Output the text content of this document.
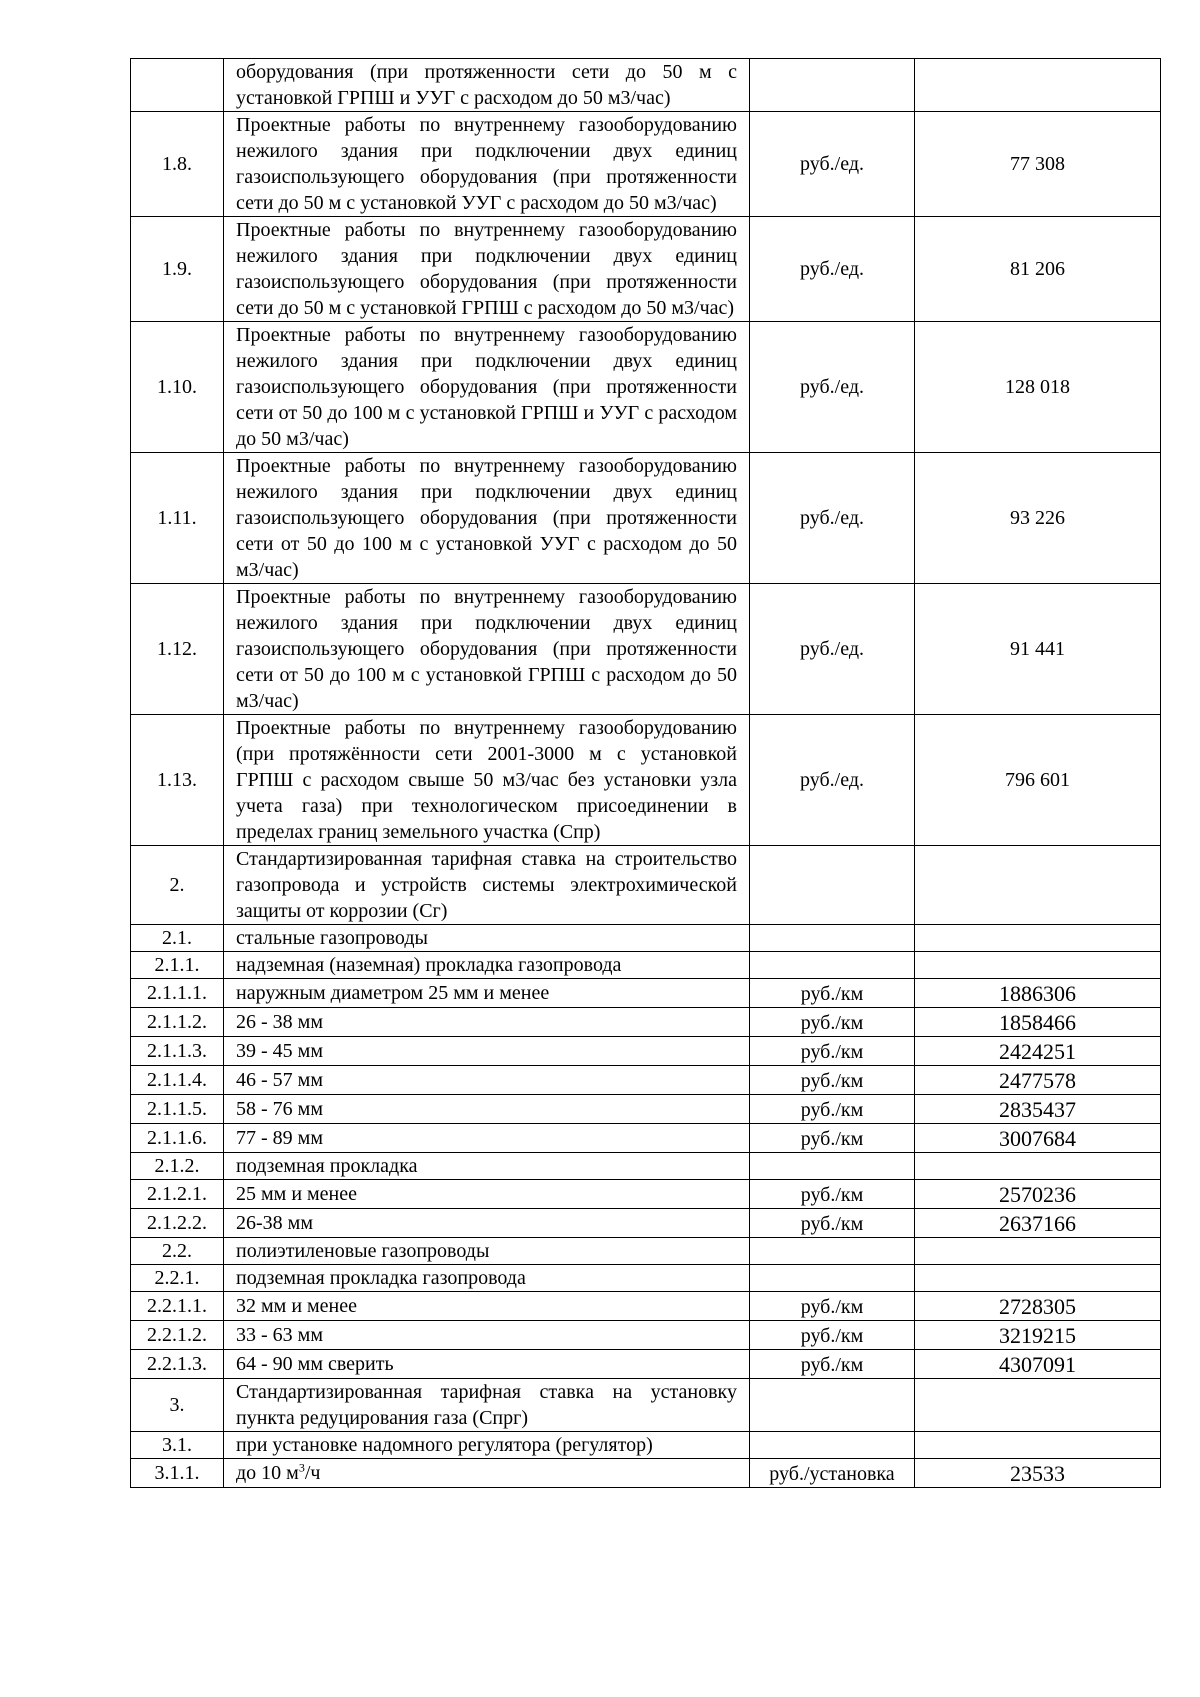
	оборудования (при протяженности сети до 50 м с установкой ГРПШ и УУГ с расходом до 50 м3/час)		
1.8.	Проектные работы по внутреннему газооборудованию нежилого здания при подключении двух единиц газоиспользующего оборудования (при протяженности сети до 50 м с установкой УУГ с расходом до 50 м3/час)	руб./ед.	77 308
1.9.	Проектные работы по внутреннему газооборудованию нежилого здания при подключении двух единиц газоиспользующего оборудования (при протяженности сети до 50 м с установкой ГРПШ с расходом до 50 м3/час)	руб./ед.	81 206
1.10.	Проектные работы по внутреннему газооборудованию нежилого здания при подключении двух единиц газоиспользующего оборудования (при протяженности сети от 50 до 100 м с установкой ГРПШ и УУГ с расходом до 50 м3/час)	руб./ед.	128 018
1.11.	Проектные работы по внутреннему газооборудованию нежилого здания при подключении двух единиц газоиспользующего оборудования (при протяженности сети от 50 до 100 м с установкой УУГ с расходом до 50 м3/час)	руб./ед.	93 226
1.12.	Проектные работы по внутреннему газооборудованию нежилого здания при подключении двух единиц газоиспользующего оборудования (при протяженности сети от 50 до 100 м с установкой ГРПШ с расходом до 50 м3/час)	руб./ед.	91 441
1.13.	Проектные работы по внутреннему газооборудованию (при протяжённости сети 2001-3000 м с установкой ГРПШ с расходом свыше 50 м3/час без установки узла учета газа) при технологическом присоединении в пределах границ земельного участка (Спр)	руб./ед.	796 601
2.	Стандартизированная тарифная ставка на строительство газопровода и устройств системы электрохимической защиты от коррозии (Сг)		
2.1.	стальные газопроводы		
2.1.1.	надземная (наземная) прокладка газопровода		
2.1.1.1.	наружным диаметром 25 мм и менее	руб./км	1886306
2.1.1.2.	26 - 38 мм	руб./км	1858466
2.1.1.3.	39 - 45 мм	руб./км	2424251
2.1.1.4.	46 - 57 мм	руб./км	2477578
2.1.1.5.	58 - 76 мм	руб./км	2835437
2.1.1.6.	77 - 89 мм	руб./км	3007684
2.1.2.	подземная прокладка		
2.1.2.1.	25 мм и менее	руб./км	2570236
2.1.2.2.	26-38 мм	руб./км	2637166
2.2.	полиэтиленовые газопроводы		
2.2.1.	подземная прокладка газопровода		
2.2.1.1.	32 мм и менее	руб./км	2728305
2.2.1.2.	33 - 63 мм	руб./км	3219215
2.2.1.3.	64 - 90 мм сверить	руб./км	4307091
3.	Стандартизированная тарифная ставка на установку пункта редуцирования газа (Спрг)		
3.1.	при установке надомного регулятора (регулятор)		
3.1.1.	до 10 $м^3/ч$	руб./установка	23533
